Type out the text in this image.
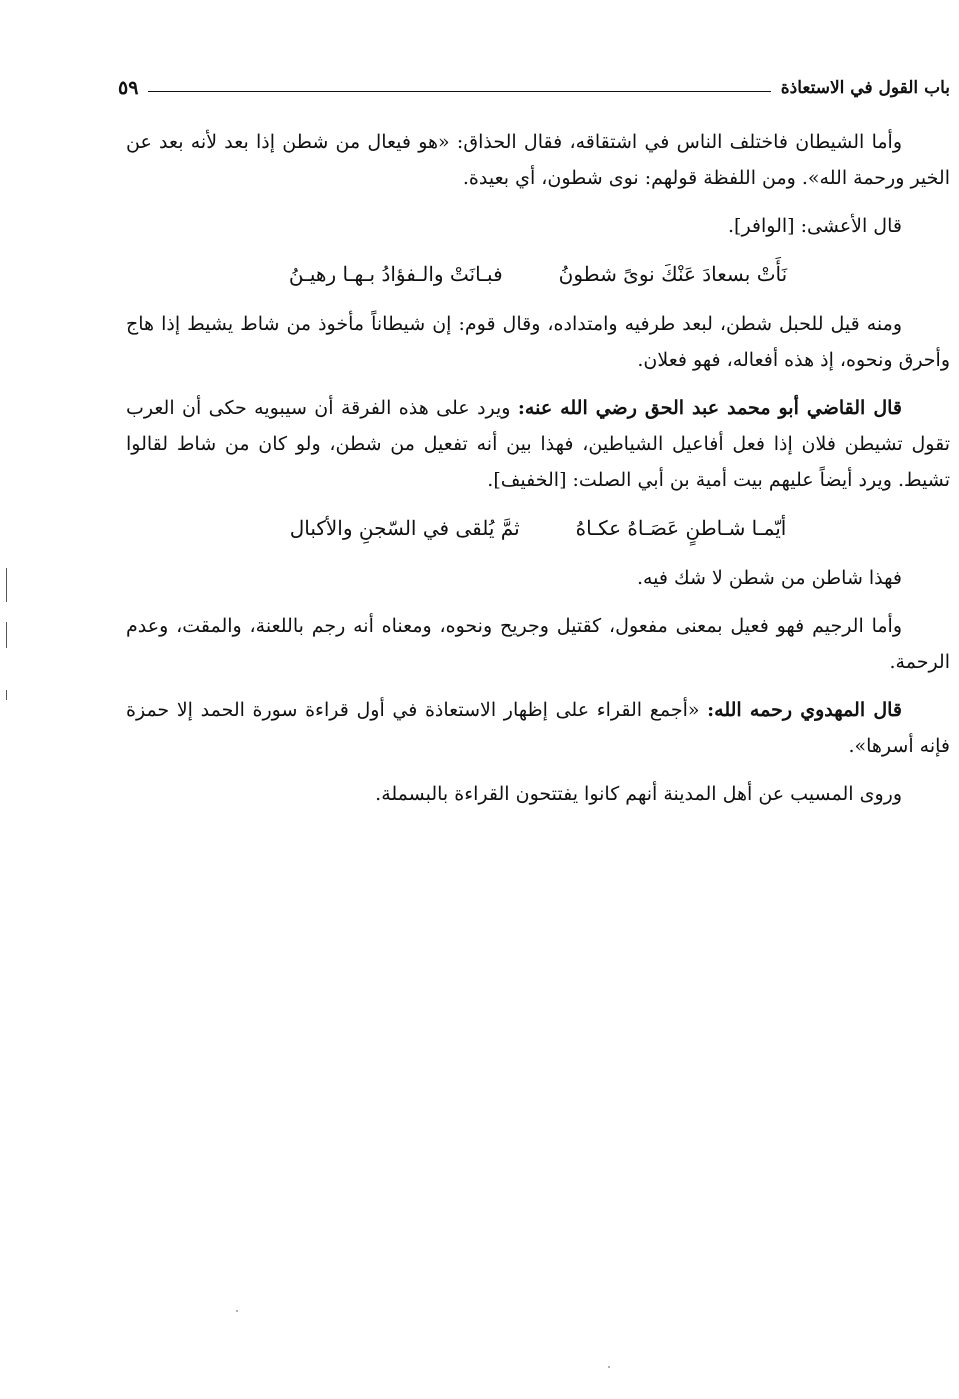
باب القول في الاستعاذة
٥٩

وأما الشيطان فاختلف الناس في اشتقاقه، فقال الحذاق: «هو فيعال من شطن إذا بعد لأنه بعد عن الخير ورحمة الله». ومن اللفظة قولهم: نوى شطون، أي بعيدة.

قال الأعشى: [الوافر].

نَأَتْ بسعادَ عَنْكَ نوىً شطونُ
فبـانَتْ والـفؤادُ بـهـا رهيـنُ

ومنه قيل للحبل شطن، لبعد طرفيه وامتداده، وقال قوم: إن شيطاناً مأخوذ من شاط يشيط إذا هاج وأحرق ونحوه، إذ هذه أفعاله، فهو فعلان.

قال القاضي أبو محمد عبد الحق رضي الله عنه: ويرد على هذه الفرقة أن سيبويه حكى أن العرب تقول تشيطن فلان إذا فعل أفاعيل الشياطين، فهذا بين أنه تفعيل من شطن، ولو كان من شاط لقالوا تشيط. ويرد أيضاً عليهم بيت أمية بن أبي الصلت: [الخفيف].

أيّمـا شـاطنٍ عَصَـاهُ عكـاهُ
ثمَّ يُلقى في السّجنِ والأكبال

فهذا شاطن من شطن لا شك فيه.

وأما الرجيم فهو فعيل بمعنى مفعول، كقتيل وجريح ونحوه، ومعناه أنه رجم باللعنة، والمقت، وعدم الرحمة.

قال المهدوي رحمه الله: «أجمع القراء على إظهار الاستعاذة في أول قراءة سورة الحمد إلا حمزة فإنه أسرها».

وروى المسيب عن أهل المدينة أنهم كانوا يفتتحون القراءة بالبسملة.
